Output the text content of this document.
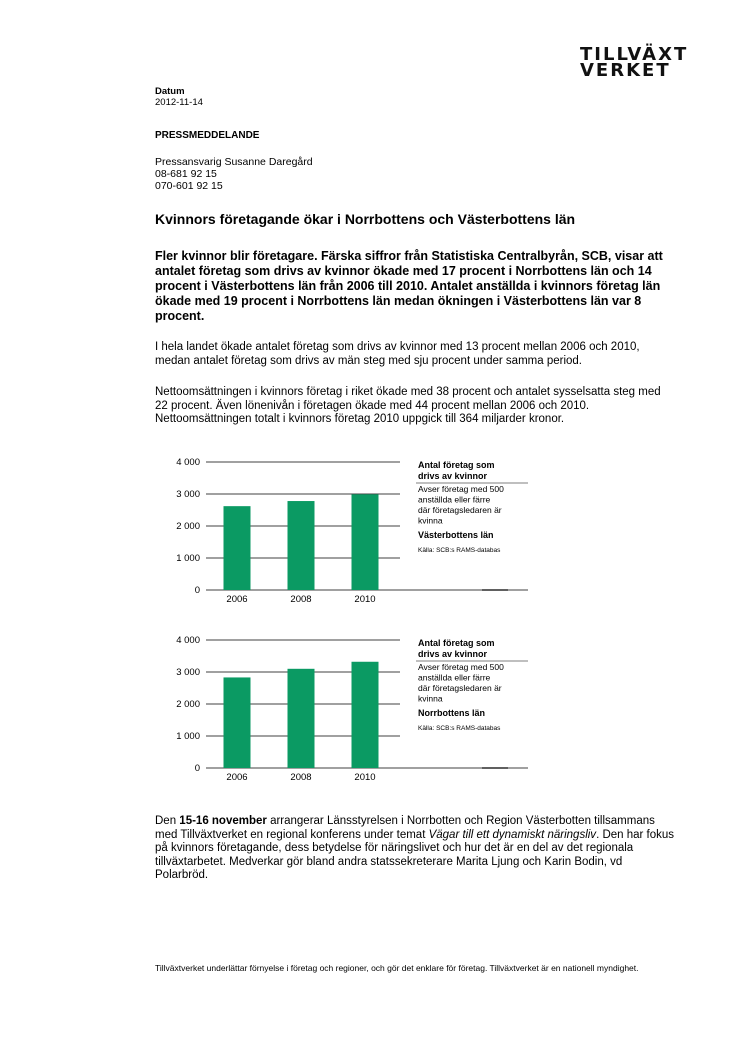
TILLVÄXT
VERKET
Datum
2012-11-14
PRESSMEDDELANDE
Pressansvarig Susanne Daregård
08-681 92 15
070-601 92 15
Kvinnors företagande ökar i Norrbottens och Västerbottens län
Fler kvinnor blir företagare. Färska siffror från Statistiska Centralbyrån, SCB, visar att antalet företag som drivs av kvinnor ökade med 17 procent i Norrbottens län och 14 procent i Västerbottens län från 2006 till 2010. Antalet anställda i kvinnors företag län ökade med 19 procent i Norrbottens län medan ökningen i Västerbottens län var 8 procent.
I hela landet ökade antalet företag som drivs av kvinnor med 13 procent mellan 2006 och 2010, medan antalet företag som drivs av män steg med sju procent under samma period.
Nettoomsättningen i kvinnors företag i riket ökade med 38 procent och antalet sysselsatta steg med 22 procent. Även lönenivån i företagen ökade med 44 procent mellan 2006 och 2010. Nettoomsättningen totalt i kvinnors företag 2010 uppgick till 364 miljarder kronor.
0
1 000
2 000
3 000
4 000
2006	2008	2010
Antal företag som
drivs av kvinnor
Avser företag med 500
anställda eller färre
där företagsledaren är
kvinna
Västerbottens län
Källa: SCB:s RAMS-databas
0
1 000
2 000
3 000
4 000
2006	2008	2010
Antal företag som
drivs av kvinnor
Avser företag med 500
anställda eller färre
där företagsledaren är
kvinna
Norrbottens län
Källa: SCB:s RAMS-databas
Den 15-16 november arrangerar Länsstyrelsen i Norrbotten och Region Västerbotten tillsammans med Tillväxtverket en regional konferens under temat Vägar till ett dynamiskt näringsliv. Den har fokus på kvinnors företagande, dess betydelse för näringslivet och hur det är en del av det regionala tillväxtarbetet. Medverkar gör bland andra statssekreterare Marita Ljung och Karin Bodin, vd Polarbröd.
Tillväxtverket underlättar förnyelse i företag och regioner, och gör det enklare för företag. Tillväxtverket är en nationell myndighet.
